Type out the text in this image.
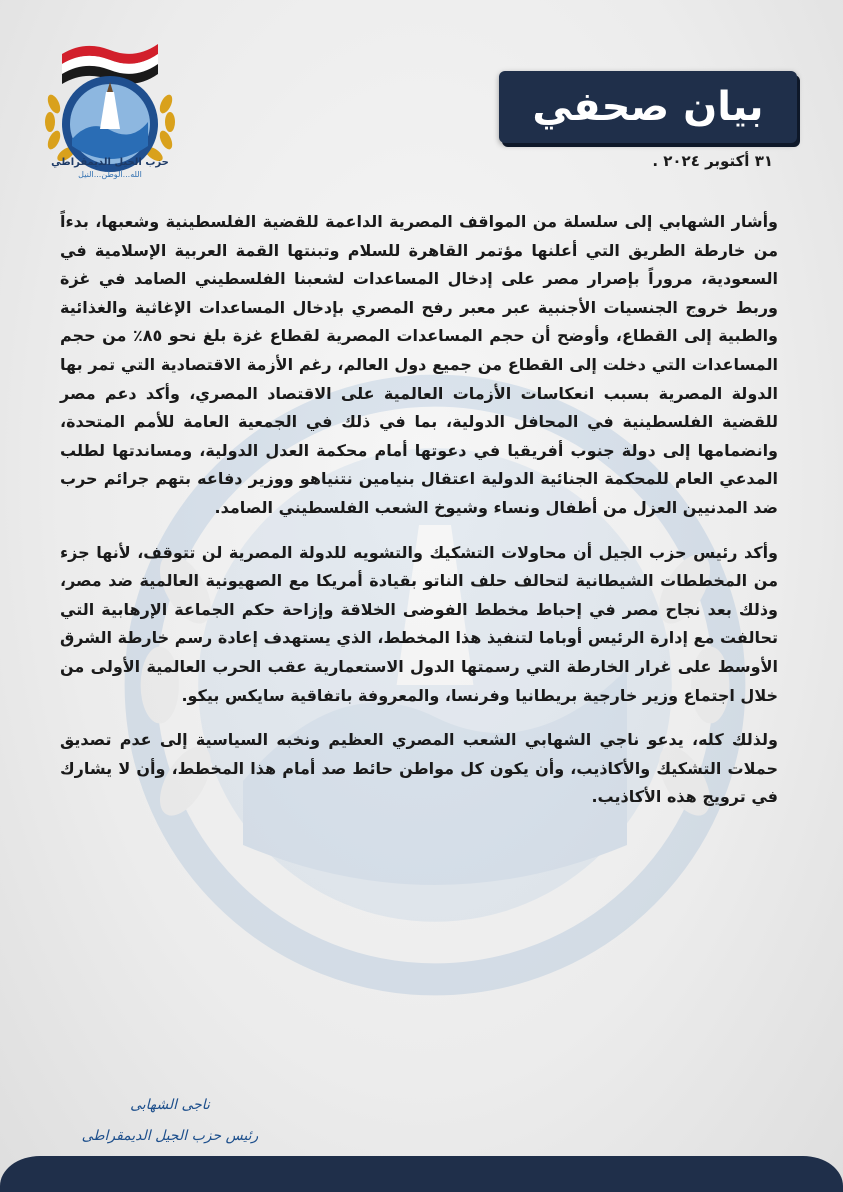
حزب الجيل الديمقراطي
الله...الوطن...النيل
بيان صحفي
٣١ أكتوبر ٢٠٢٤ .

وأشار الشهابي إلى سلسلة من المواقف المصرية الداعمة للقضية الفلسطينية وشعبها، بدءاً من خارطة الطريق التي أعلنها مؤتمر القاهرة للسلام وتبنتها القمة العربية الإسلامية في السعودية، مروراً بإصرار مصر على إدخال المساعدات لشعبنا الفلسطيني الصامد في غزة وربط خروج الجنسيات الأجنبية عبر معبر رفح المصري بإدخال المساعدات الإغاثية والغذائية والطبية إلى القطاع، وأوضح أن حجم المساعدات المصرية لقطاع غزة بلغ نحو ٨٥٪ من حجم المساعدات التي دخلت إلى القطاع من جميع دول العالم، رغم الأزمة الاقتصادية التي تمر بها الدولة المصرية بسبب انعكاسات الأزمات العالمية على الاقتصاد المصري، وأكد دعم مصر للقضية الفلسطينية في المحافل الدولية، بما في ذلك في الجمعية العامة للأمم المتحدة، وانضمامها إلى دولة جنوب أفريقيا في دعوتها أمام محكمة العدل الدولية، ومساندتها لطلب المدعي العام للمحكمة الجنائية الدولية اعتقال بنيامين نتنياهو ووزير دفاعه بتهم جرائم حرب ضد المدنيين العزل من أطفال ونساء وشيوخ الشعب الفلسطيني الصامد.

وأكد رئيس حزب الجيل أن محاولات التشكيك والتشويه للدولة المصرية لن تتوقف، لأنها جزء من المخططات الشيطانية لتحالف حلف الناتو بقيادة أمريكا مع الصهيونية العالمية ضد مصر، وذلك بعد نجاح مصر في إحباط مخطط الفوضى الخلاقة وإزاحة حكم الجماعة الإرهابية التي تحالفت مع إدارة الرئيس أوباما لتنفيذ هذا المخطط، الذي يستهدف إعادة رسم خارطة الشرق الأوسط على غرار الخارطة التي رسمتها الدول الاستعمارية عقب الحرب العالمية الأولى من خلال اجتماع وزير خارجية بريطانيا وفرنسا، والمعروفة باتفاقية سايكس بيكو.

ولذلك كله، يدعو ناجي الشهابي الشعب المصري العظيم ونخبه السياسية إلى عدم تصديق حملات التشكيك والأكاذيب، وأن يكون كل مواطن حائط صد أمام هذا المخطط، وأن لا يشارك في ترويج هذه الأكاذيب.

ناجى الشهابى
رئيس حزب الجيل الديمقراطى
